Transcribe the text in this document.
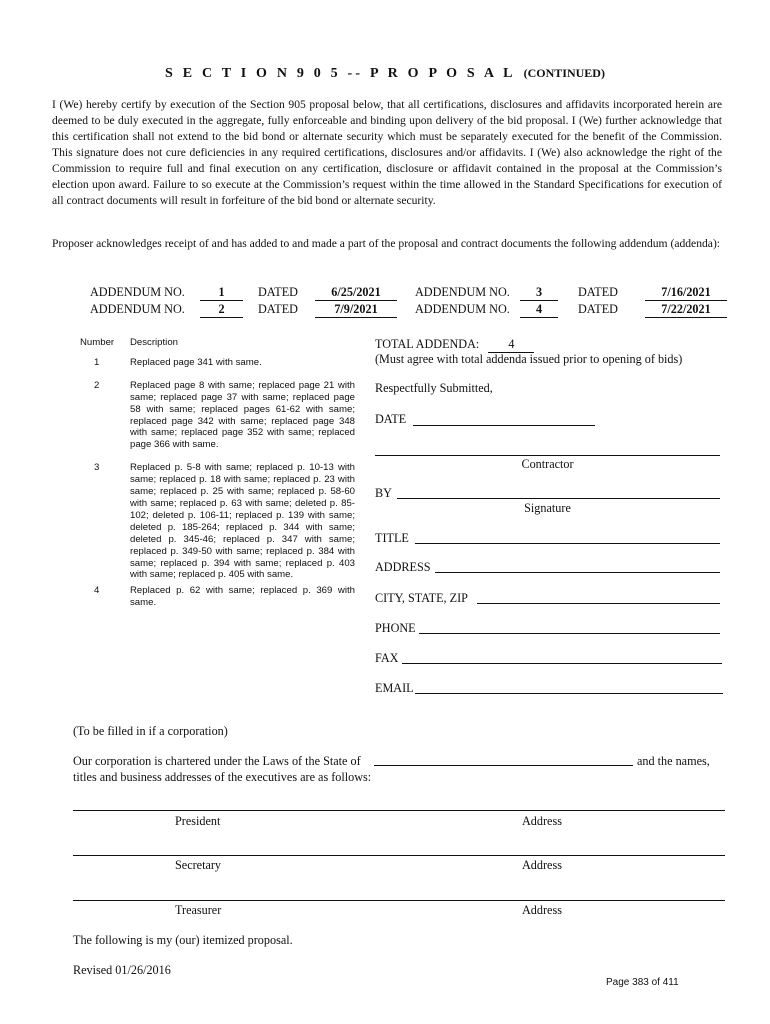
S E C T I O N 9 0 5 -- P R O P O S A L (CONTINUED)
I (We) hereby certify by execution of the Section 905 proposal below, that all certifications, disclosures and affidavits incorporated herein are deemed to be duly executed in the aggregate, fully enforceable and binding upon delivery of the bid proposal. I (We) further acknowledge that this certification shall not extend to the bid bond or alternate security which must be separately executed for the benefit of the Commission. This signature does not cure deficiencies in any required certifications, disclosures and/or affidavits. I (We) also acknowledge the right of the Commission to require full and final execution on any certification, disclosure or affidavit contained in the proposal at the Commission’s election upon award. Failure to so execute at the Commission’s request within the time allowed in the Standard Specifications for execution of all contract documents will result in forfeiture of the bid bond or alternate security.
Proposer acknowledges receipt of and has added to and made a part of the proposal and contract documents the following addendum (addenda):
ADDENDUM NO.	1	DATED	6/25/2021	ADDENDUM NO.	3	DATED	7/16/2021
ADDENDUM NO.	2	DATED	7/9/2021	ADDENDUM NO.	4	DATED	7/22/2021
Number	Description
1	Replaced page 341 with same.
2	Replaced page 8 with same; replaced page 21 with same; replaced page 37 with same; replaced page 58 with same; replaced pages 61-62 with same; replaced page 342 with same; replaced page 348 with same; replaced page 352 with same; replaced page 366 with same.
3	Replaced p. 5-8 with same; replaced p. 10-13 with same; replaced p. 18 with same; replaced p. 23 with same; replaced p. 25 with same; replaced p. 58-60 with same; replaced p. 63 with same; deleted p. 85-102; deleted p. 106-11; replaced p. 139 with same; deleted p. 185-264; replaced p. 344 with same; deleted p. 345-46; replaced p. 347 with same; replaced p. 349-50 with same; replaced p. 384 with same; replaced p. 394 with same; replaced p. 403 with same; replaced p. 405 with same.
4	Replaced p. 62 with same; replaced p. 369 with same.
TOTAL ADDENDA: 4
(Must agree with total addenda issued prior to opening of bids)
Respectfully Submitted,
DATE
Contractor
BY
Signature
TITLE
ADDRESS
CITY, STATE, ZIP
PHONE
FAX
EMAIL
(To be filled in if a corporation)
Our corporation is chartered under the Laws of the State of	and the names,
titles and business addresses of the executives are as follows:
President	Address
Secretary	Address
Treasurer	Address
The following is my (our) itemized proposal.
Revised 01/26/2016
Page 383 of 411
